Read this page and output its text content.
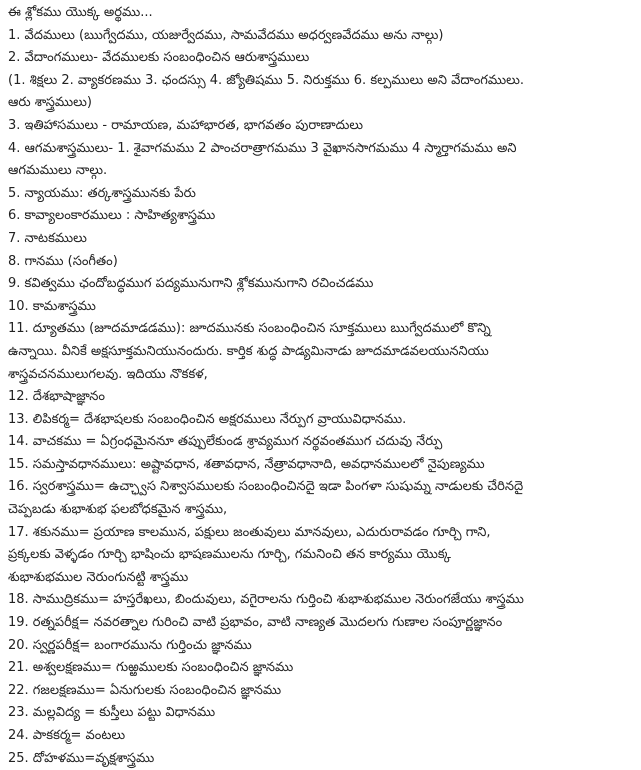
ఈ శ్లోకము యొక్క అర్థము...
1. వేదములు (ఋగ్వేదము, యజుర్వేదము, సామవేదము అధర్వణవేదము అను నాల్గు)
2. వేదాంగములు- వేదములకు సంబంధించిన ఆరుశాస్త్రములు
(1. శిక్షలు 2. వ్యాకరణము 3. ఛందస్సు 4. జ్యోతిషము 5. నిరుక్తము 6. కల్పములు అని వేదాంగములు.
ఆరు శాస్త్రములు)
3. ఇతిహాసములు - రామాయణ, మహాభారత, భాగవతం పురాణాదులు
4. ఆగమశాస్త్రములు- 1. శైవాగమము 2 పాంచరాత్రాగమము 3 వైఖానసాగమము 4 స్మార్తాగమము అని
ఆగమములు నాల్గు.
5. న్యాయము: తర్కశాస్త్రమునకు పేరు
6. కావ్యాలంకారములు : సాహిత్యశాస్త్రము
7. నాటకములు
8. గానము (సంగీతం)
9. కవిత్వము ఛందోబద్ధముగ పద్యమునుగాని శ్లోకమునుగాని రచించడము
10. కామశాస్త్రము
11. ద్యూతము (జూదమాడడము): జూదమునకు సంబంధించిన సూక్తములు ఋగ్వేదములో కొన్ని
ఉన్నాయి. వీనికే అక్షసూక్తమనియునందురు. కార్తిక శుద్ధ పాడ్యమినాడు జూదమాడవలయుననియు
శాస్త్రవచనములుగలవు. ఇదియు నొకకళ,
12. దేశభాషాజ్ఞానం
13. లిపికర్మ= దేశభాషలకు సంబంధించిన అక్షరములు నేర్పుగ వ్రాయువిధానము.
14. వాచకము = ఏగ్రంధమైననూ తప్పులేకుండ శ్రావ్యముగ నర్థవంతముగ చదువు నేర్పు
15. సమస్తావధానములు: అష్టావధాన, శతావధాన, నేత్రావధానాది, అవధానములలో నైపుణ్యము
16. స్వరశాస్త్రము= ఉచ్ఛ్వాస నిశ్వాసములకు సంబంధించినదై ఇడా పింగళా సుషుమ్న నాడులకు చేరినదై
చెప్పబడు శుభాశుభ ఫలబోధకమైన శాస్త్రము,
17. శకునము= ప్రయాణ కాలమున, పక్షులు జంతువులు మానవులు, ఎదురురావడం గూర్చి గాని,
ప్రక్కలకు వెళ్ళడం గూర్చి భాషించు భాషణములను గూర్చి, గమనించి తన కార్యము యొక్క
శుభాశుభముల నెరుంగునట్టి శాస్త్రము
18. సాముద్రికము= హస్తరేఖలు, బిందువులు, వగైరాలను గుర్తించి శుభాశుభముల నెరుంగజేయు శాస్త్రము
19. రత్నపరీక్ష= నవరత్నాల గురించి వాటి ప్రభావం, వాటి నాణ్యత మొదలగు గుణాల సంపూర్ణజ్ఞానం
20. స్వర్ణపరీక్ష= బంగారమును గుర్తించు జ్ఞానము
21. అశ్వలక్షణము= గుఱ్ఱములకు సంబంధించిన జ్ఞానము
22. గజలక్షణము= ఏనుగులకు సంబంధించిన జ్ఞానము
23. మల్లవిద్య = కుస్తీలు పట్టు విధానము
24. పాకకర్మ= వంటలు
25. దోహళము=వృక్షశాస్త్రము
